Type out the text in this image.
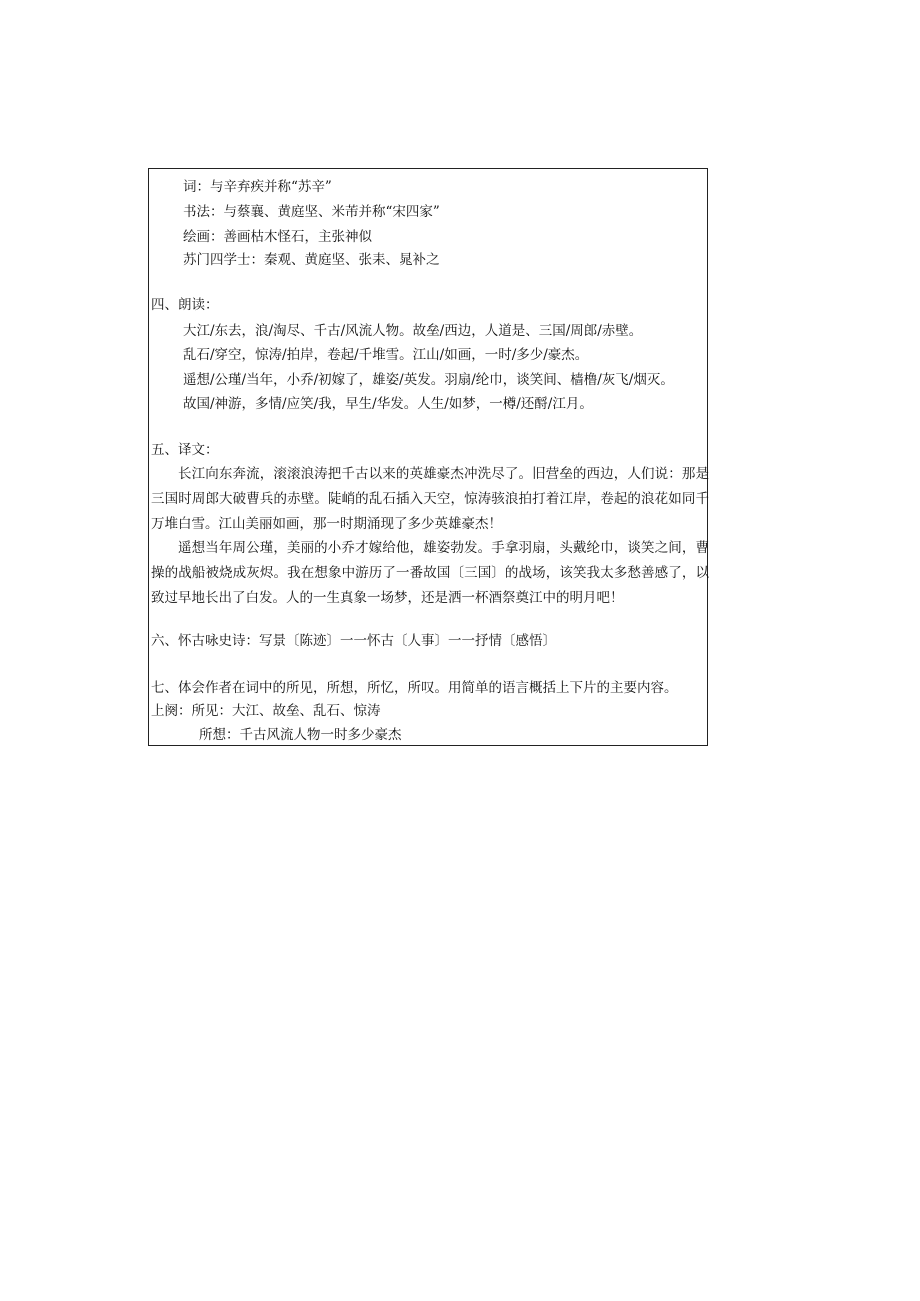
词：与辛弃疾并称“苏辛”
书法：与蔡襄、黄庭坚、米芾并称“宋四家”
绘画：善画枯木怪石，主张神似
苏门四学士：秦观、黄庭坚、张耒、晁补之
四、朗读：
大江/东去，浪/淘尽、千古/风流人物。故垒/西边，人道是、三国/周郎/赤壁。
乱石/穿空，惊涛/拍岸，卷起/千堆雪。江山/如画，一时/多少/豪杰。
遥想/公瑾/当年，小乔/初嫁了，雄姿/英发。羽扇/纶巾，谈笑间、樯橹/灰飞/烟灭。
故国/神游，多情/应笑/我，早生/华发。人生/如梦，一樽/还酹/江月。
五、译文：
长江向东奔流，滚滚浪涛把千古以来的英雄豪杰冲洗尽了。旧营垒的西边，人们说：那是三国时周郎大破曹兵的赤壁。陡峭的乱石插入天空，惊涛骇浪拍打着江岸，卷起的浪花如同千万堆白雪。江山美丽如画，那一时期涌现了多少英雄豪杰！
遥想当年周公瑾，美丽的小乔才嫁给他，雄姿勃发。手拿羽扇，头戴纶巾，谈笑之间，曹操的战船被烧成灰烬。我在想象中游历了一番故国〔三国〕的战场，该笑我太多愁善感了，以致过早地长出了白发。人的一生真象一场梦，还是洒一杯酒祭奠江中的明月吧！
六、怀古咏史诗：写景〔陈迹〕一一怀古〔人事〕一一抒情〔感悟〕
七、体会作者在词中的所见，所想，所忆，所叹。用简单的语言概括上下片的主要内容。
上阕：所见：大江、故垒、乱石、惊涛
所想：千古风流人物一时多少豪杰
